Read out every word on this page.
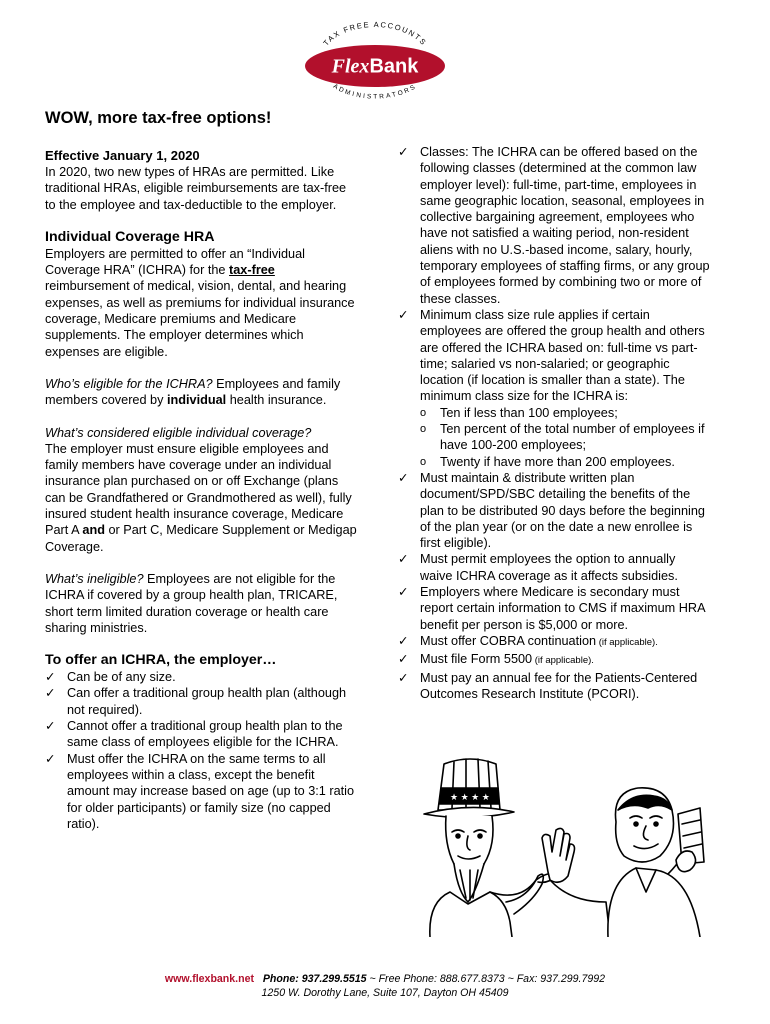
TAX FREE ACCOUNTS
FlexBank
ADMINISTRATORS
WOW, more tax-free options!
Effective January 1, 2020

In 2020, two new types of HRAs are permitted. Like traditional HRAs, eligible reimbursements are tax-free to the employee and tax-deductible to the employer.

Individual Coverage HRA

Employers are permitted to offer an “Individual Coverage HRA” (ICHRA) for the tax-free reimbursement of medical, vision, dental, and hearing expenses, as well as premiums for individual insurance coverage, Medicare premiums and Medicare supplements. The employer determines which expenses are eligible.

Who’s eligible for the ICHRA? Employees and family members covered by individual health insurance.

What’s considered eligible individual coverage?

The employer must ensure eligible employees and family members have coverage under an individual insurance plan purchased on or off Exchange (plans can be Grandfathered or Grandmothered as well), fully insured student health insurance coverage, Medicare Part A and or Part C, Medicare Supplement or Medigap Coverage.

What’s ineligible? Employees are not eligible for the ICHRA if covered by a group health plan, TRICARE, short term limited duration coverage or health care sharing ministries.

To offer an ICHRA, the employer…
✓ Can be of any size.
✓ Can offer a traditional group health plan (although not required).
✓ Cannot offer a traditional group health plan to the same class of employees eligible for the ICHRA.
✓ Must offer the ICHRA on the same terms to all employees within a class, except the benefit amount may increase based on age (up to 3:1 ratio for older participants) or family size (no capped ratio).
✓ Classes: The ICHRA can be offered based on the following classes (determined at the common law employer level): full-time, part-time, employees in same geographic location, seasonal, employees in collective bargaining agreement, employees who have not satisfied a waiting period, non-resident aliens with no U.S.-based income, salary, hourly, temporary employees of staffing firms, or any group of employees formed by combining two or more of these classes.
✓ Minimum class size rule applies if certain employees are offered the group health and others are offered the ICHRA based on: full-time vs part-time; salaried vs non-salaried; or geographic location (if location is smaller than a state). The minimum class size for the ICHRA is:
o Ten if less than 100 employees;
o Ten percent of the total number of employees if have 100-200 employees;
o Twenty if have more than 200 employees.
✓ Must maintain & distribute written plan document/SPD/SBC detailing the benefits of the plan to be distributed 90 days before the beginning of the plan year (or on the date a new enrollee is first eligible).
✓ Must permit employees the option to annually waive ICHRA coverage as it affects subsidies.
✓ Employers where Medicare is secondary must report certain information to CMS if maximum HRA benefit per person is $5,000 or more.
✓ Must offer COBRA continuation (if applicable).
✓ Must file Form 5500 (if applicable).
✓ Must pay an annual fee for the Patients-Centered Outcomes Research Institute (PCORI).
★ ★ ★ ★
www.flexbank.net Phone: 937.299.5515 ~ Free Phone: 888.677.8373 ~ Fax: 937.299.7992
1250 W. Dorothy Lane, Suite 107, Dayton OH 45409
